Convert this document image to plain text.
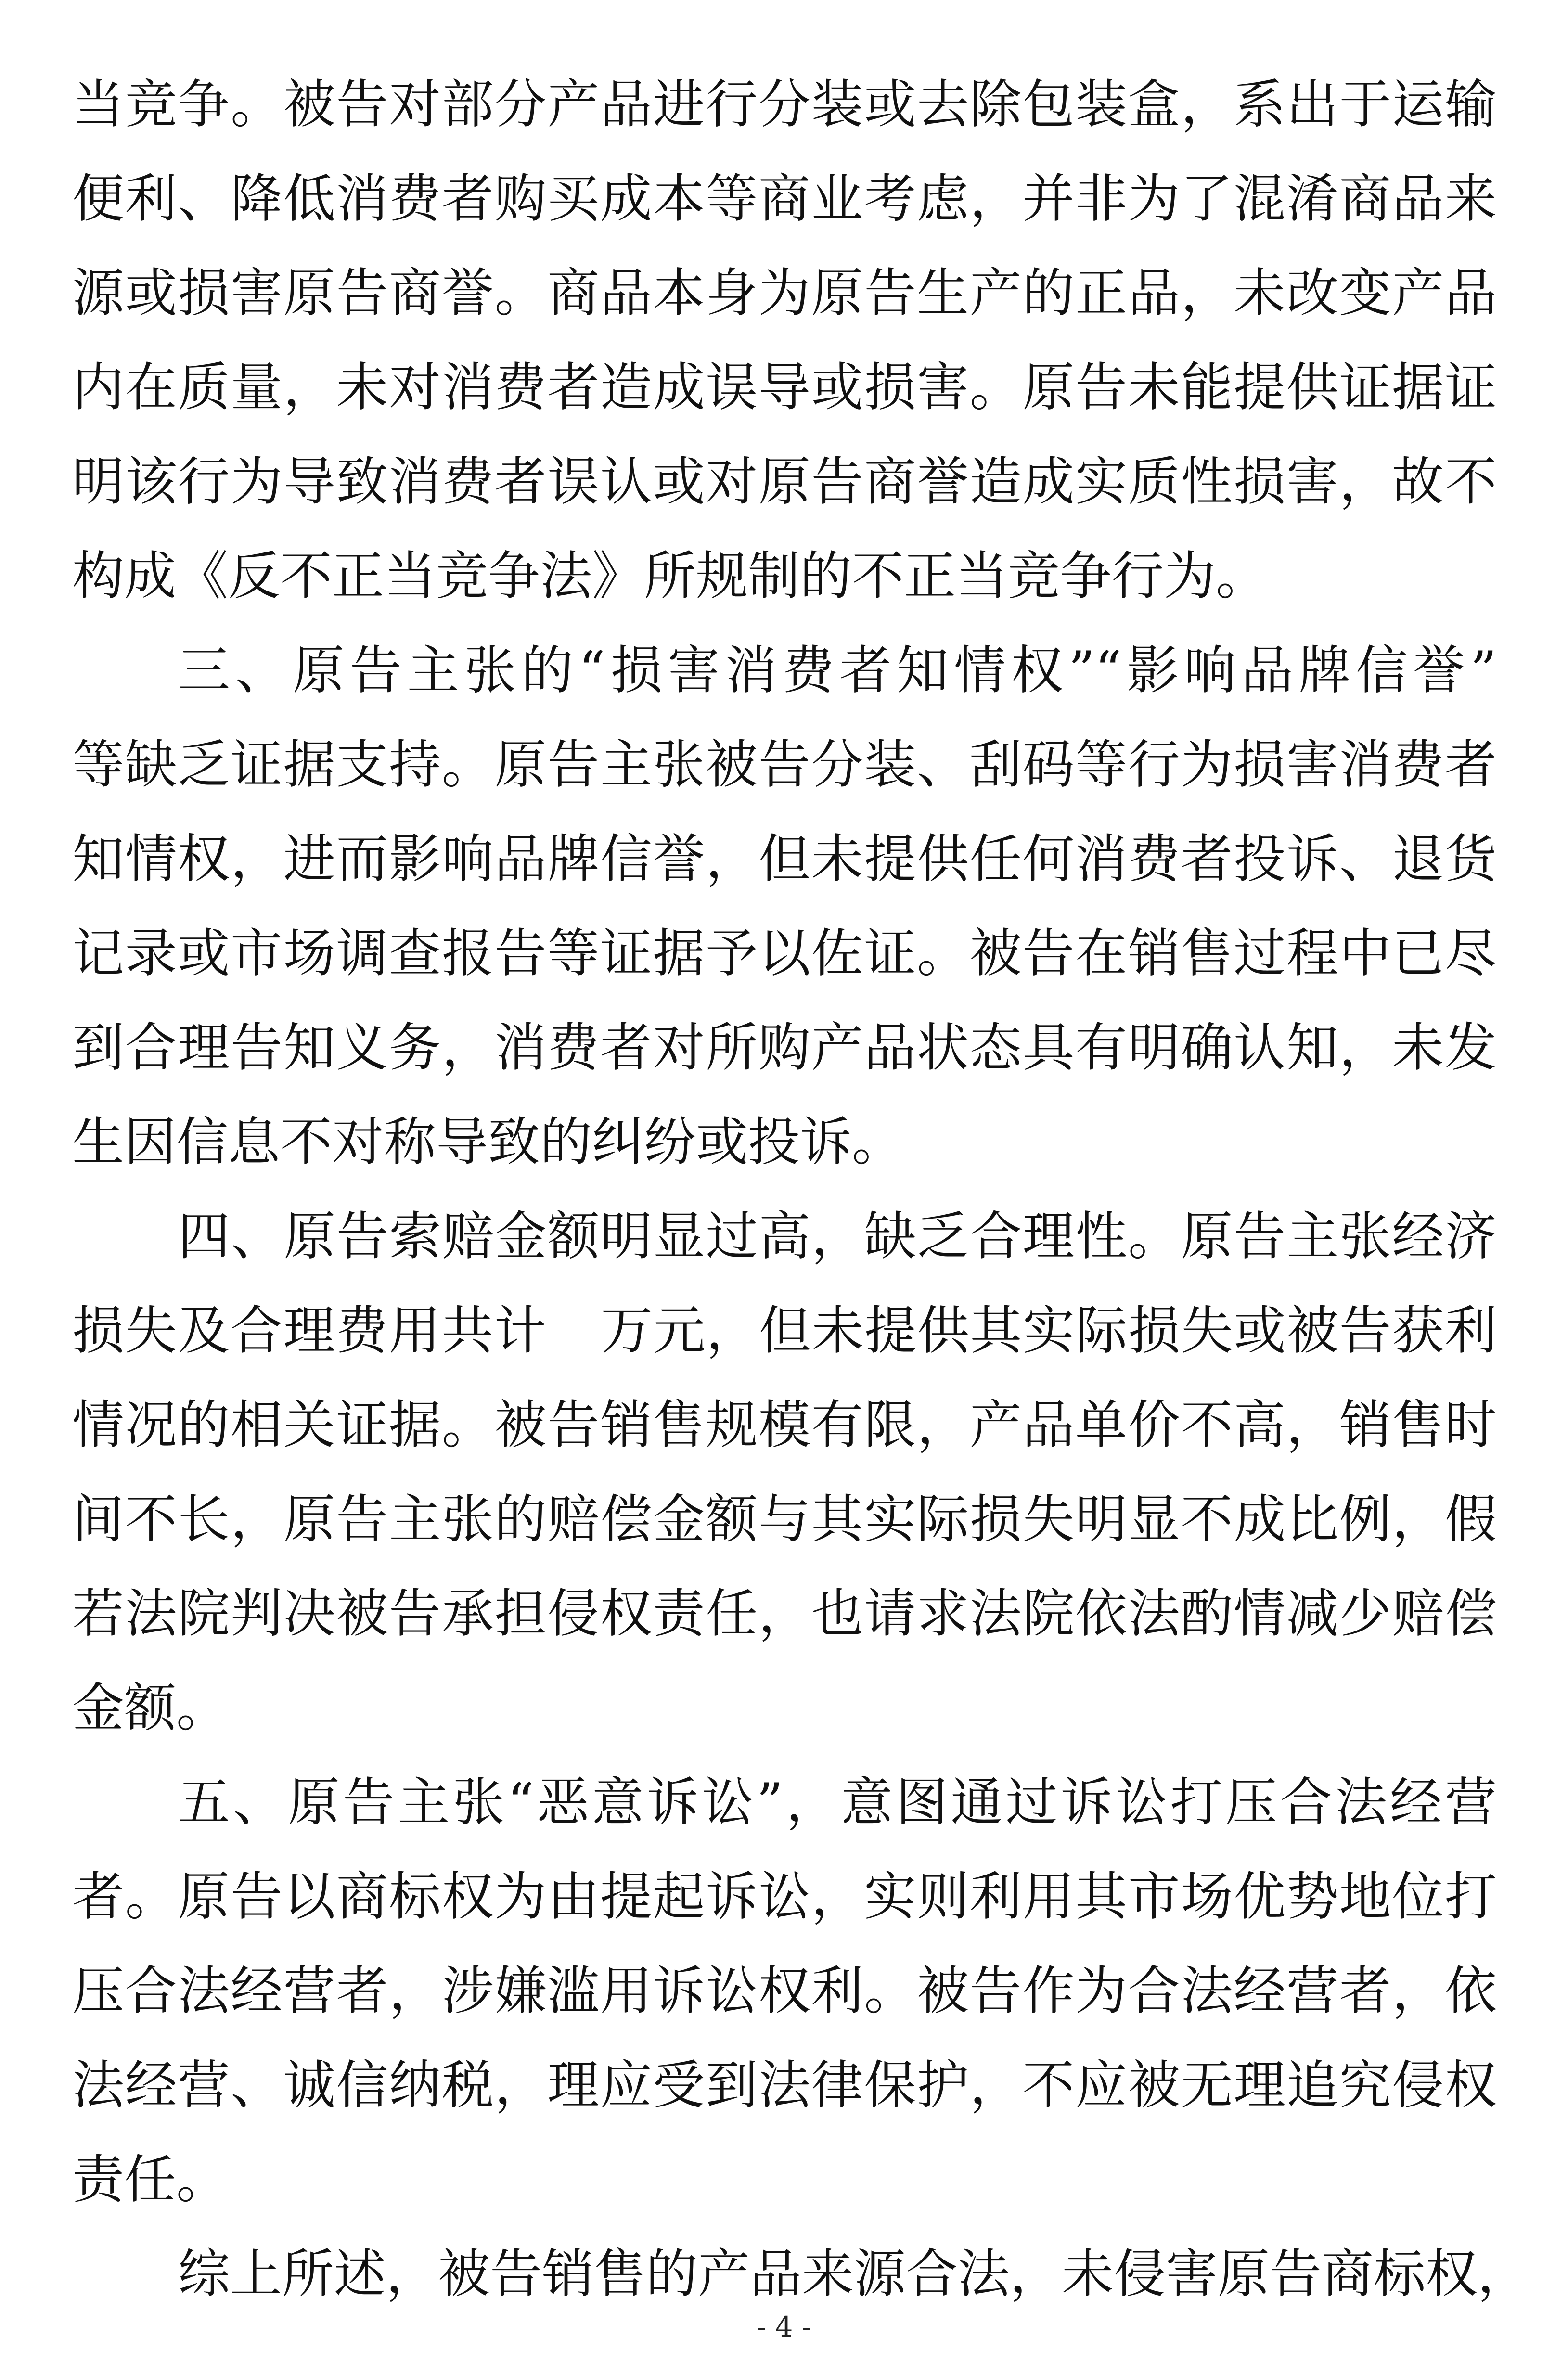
当竞争。被告对部分产品进行分装或去除包装盒，系出于运输
便利、降低消费者购买成本等商业考虑，并非为了混淆商品来
源或损害原告商誉。商品本身为原告生产的正品，未改变产品
内在质量，未对消费者造成误导或损害。原告未能提供证据证
明该行为导致消费者误认或对原告商誉造成实质性损害，故不
构成《反不正当竞争法》所规制的不正当竞争行为。
三、原告主张的“损害消费者知情权”“影响品牌信誉”
等缺乏证据支持。原告主张被告分装、刮码等行为损害消费者
知情权，进而影响品牌信誉，但未提供任何消费者投诉、退货
记录或市场调查报告等证据予以佐证。被告在销售过程中已尽
到合理告知义务，消费者对所购产品状态具有明确认知，未发
生因信息不对称导致的纠纷或投诉。
四、原告索赔金额明显过高，缺乏合理性。原告主张经济
损失及合理费用共计 万元，但未提供其实际损失或被告获利
情况的相关证据。被告销售规模有限，产品单价不高，销售时
间不长，原告主张的赔偿金额与其实际损失明显不成比例，假
若法院判决被告承担侵权责任，也请求法院依法酌情减少赔偿
金额。
五、原告主张“恶意诉讼”，意图通过诉讼打压合法经营
者。原告以商标权为由提起诉讼，实则利用其市场优势地位打
压合法经营者，涉嫌滥用诉讼权利。被告作为合法经营者，依
法经营、诚信纳税，理应受到法律保护，不应被无理追究侵权
责任。
综上所述，被告销售的产品来源合法，未侵害原告商标权，
- 4 -
